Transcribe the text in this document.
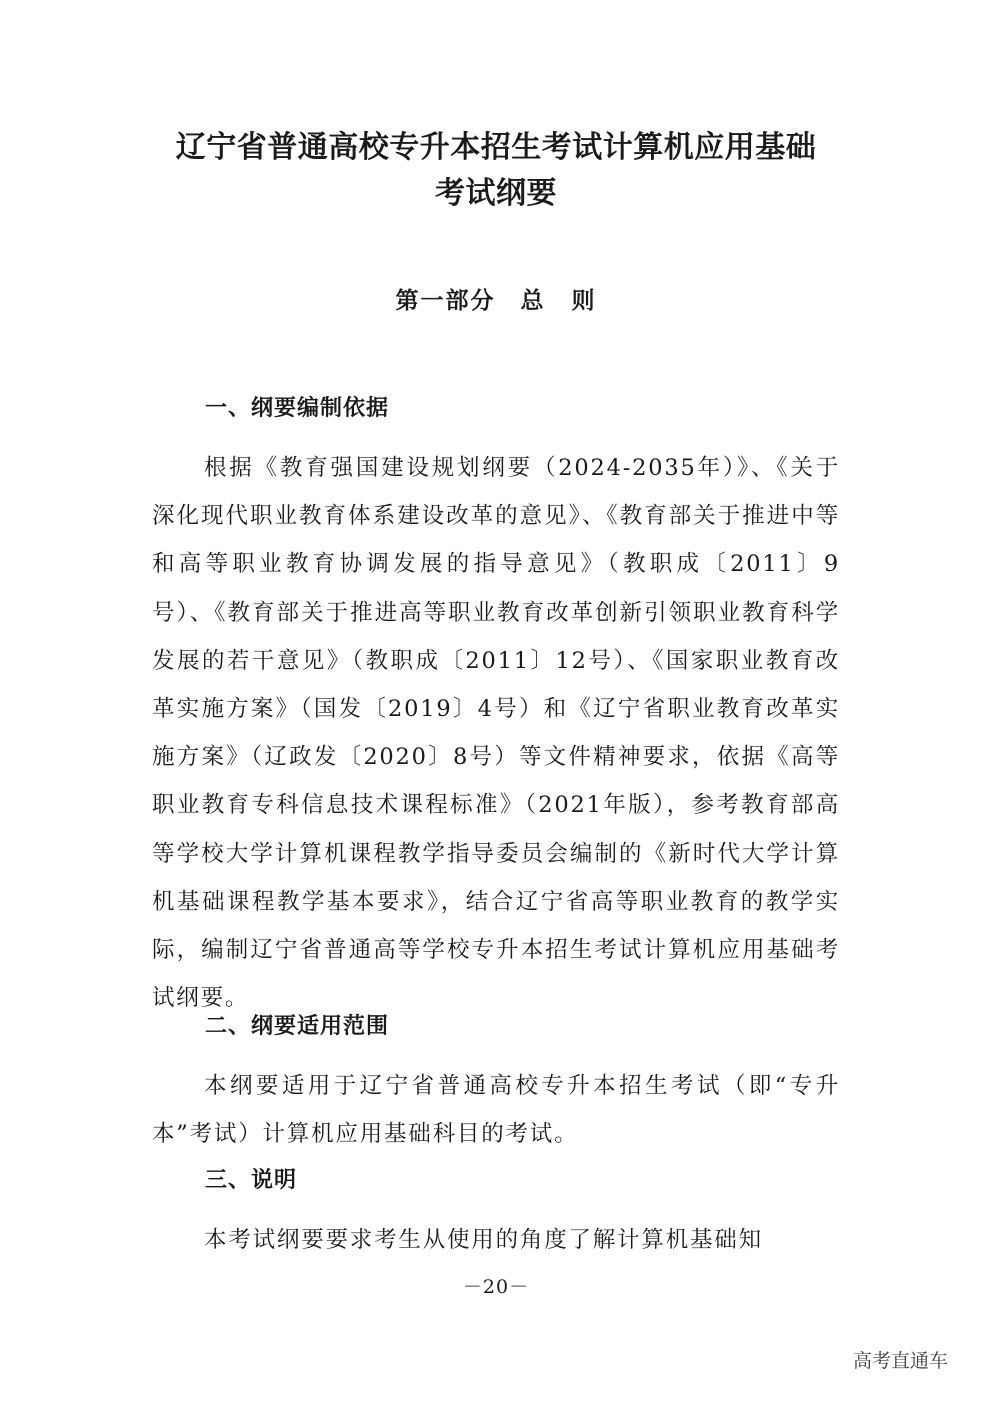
辽宁省普通高校专升本招生考试计算机应用基础
考试纲要
第一部分　总 则
一、纲要编制依据

根据《教育强国建设规划纲要（2024-2035年）》、《关于深化现代职业教育体系建设改革的意见》、《教育部关于推进中等和高等职业教育协调发展的指导意见》（教职成〔2011〕9号）、《教育部关于推进高等职业教育改革创新引领职业教育科学发展的若干意见》（教职成〔2011〕12号）、《国家职业教育改革实施方案》（国发〔2019〕4号）和《辽宁省职业教育改革实施方案》（辽政发〔2020〕8号）等文件精神要求，依据《高等职业教育专科信息技术课程标准》（2021年版），参考教育部高等学校大学计算机课程教学指导委员会编制的《新时代大学计算机基础课程教学基本要求》，结合辽宁省高等职业教育的教学实际，编制辽宁省普通高等学校专升本招生考试计算机应用基础考试纲要。

二、纲要适用范围

本纲要适用于辽宁省普通高校专升本招生考试（即“专升本”考试）计算机应用基础科目的考试。

三、说明

本考试纲要要求考生从使用的角度了解计算机基础知

－20－
高考直通车
